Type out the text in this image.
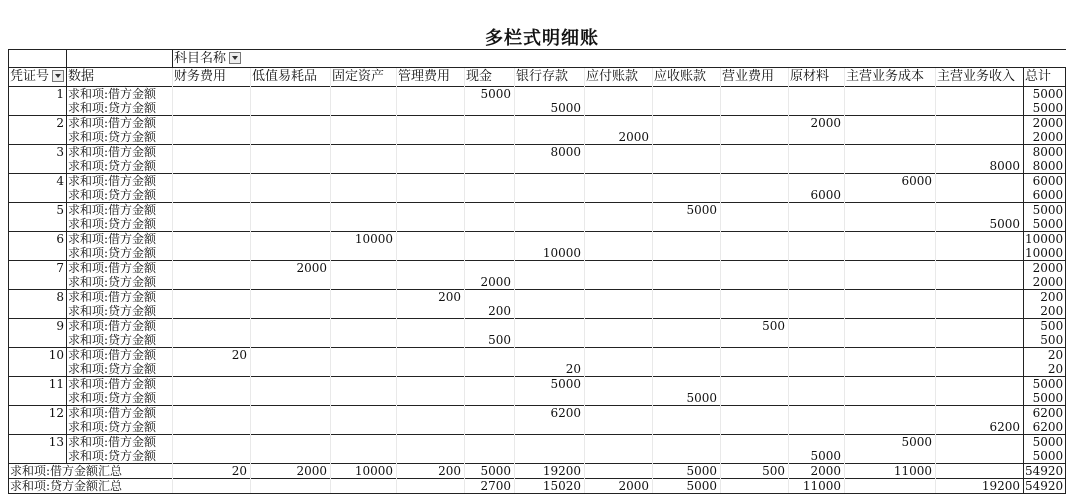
多栏式明细账
		科目名称												
凭证号	数据	财务费用	低值易耗品	固定资产	管理费用	现金	银行存款	应付账款	应收账款	营业费用	原材料	主营业务成本	主营业务收入	总计
1	求和项:借方金额					5000								5000
	求和项:贷方金额						5000							5000
2	求和项:借方金额										2000			2000
	求和项:贷方金额							2000						2000
3	求和项:借方金额						8000							8000
	求和项:贷方金额												8000	8000
4	求和项:借方金额											6000		6000
	求和项:贷方金额										6000			6000
5	求和项:借方金额								5000					5000
	求和项:贷方金额												5000	5000
6	求和项:借方金额			10000										10000
	求和项:贷方金额						10000							10000
7	求和项:借方金额		2000											2000
	求和项:贷方金额					2000								2000
8	求和项:借方金额				200									200
	求和项:贷方金额					200								200
9	求和项:借方金额									500				500
	求和项:贷方金额					500								500
10	求和项:借方金额	20												20
	求和项:贷方金额						20							20
11	求和项:借方金额						5000							5000
	求和项:贷方金额								5000					5000
12	求和项:借方金额						6200							6200
	求和项:贷方金额												6200	6200
13	求和项:借方金额											5000		5000
	求和项:贷方金额										5000			5000
求和项:借方金额汇总		20	2000	10000	200	5000	19200		5000	500	2000	11000		54920
求和项:贷方金额汇总						2700	15020	2000	5000		11000		19200	54920
